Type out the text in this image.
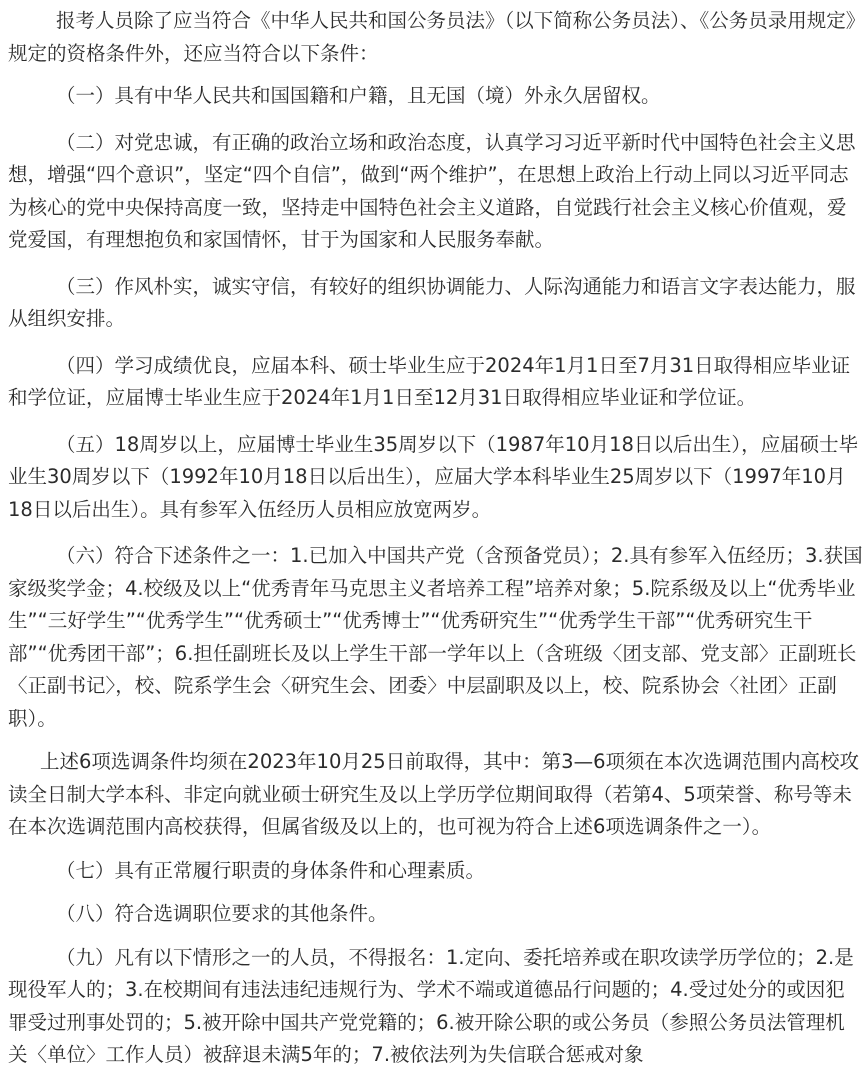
报考人员除了应当符合《中华人民共和国公务员法》（以下简称公务员法）、《公务员录用规定》规定的资格条件外，还应当符合以下条件：

（一）具有中华人民共和国国籍和户籍，且无国（境）外永久居留权。

（二）对党忠诚，有正确的政治立场和政治态度，认真学习习近平新时代中国特色社会主义思想，增强“四个意识”，坚定“四个自信”，做到“两个维护”，在思想上政治上行动上同以习近平同志为核心的党中央保持高度一致，坚持走中国特色社会主义道路，自觉践行社会主义核心价值观，爱党爱国，有理想抱负和家国情怀，甘于为国家和人民服务奉献。

（三）作风朴实，诚实守信，有较好的组织协调能力、人际沟通能力和语言文字表达能力，服从组织安排。

（四）学习成绩优良，应届本科、硕士毕业生应于2024年1月1日至7月31日取得相应毕业证和学位证，应届博士毕业生应于2024年1月1日至12月31日取得相应毕业证和学位证。

（五）18周岁以上，应届博士毕业生35周岁以下（1987年10月18日以后出生），应届硕士毕业生30周岁以下（1992年10月18日以后出生），应届大学本科毕业生25周岁以下（1997年10月18日以后出生）。具有参军入伍经历人员相应放宽两岁。

（六）符合下述条件之一：1.已加入中国共产党（含预备党员）；2.具有参军入伍经历；3.获国家级奖学金；4.校级及以上“优秀青年马克思主义者培养工程”培养对象；5.院系级及以上“优秀毕业生”“三好学生”“优秀学生”“优秀硕士”“优秀博士”“优秀研究生”“优秀学生干部”“优秀研究生干部”“优秀团干部”；6.担任副班长及以上学生干部一学年以上（含班级〈团支部、党支部〉正副班长〈正副书记〉，校、院系学生会〈研究生会、团委〉中层副职及以上，校、院系协会〈社团〉正副职）。

上述6项选调条件均须在2023年10月25日前取得，其中：第3—6项须在本次选调范围内高校攻读全日制大学本科、非定向就业硕士研究生及以上学历学位期间取得（若第4、5项荣誉、称号等未在本次选调范围内高校获得，但属省级及以上的，也可视为符合上述6项选调条件之一）。

（七）具有正常履行职责的身体条件和心理素质。

（八）符合选调职位要求的其他条件。

（九）凡有以下情形之一的人员，不得报名：1.定向、委托培养或在职攻读学历学位的；2.是现役军人的；3.在校期间有违法违纪违规行为、学术不端或道德品行问题的；4.受过处分的或因犯罪受过刑事处罚的；5.被开除中国共产党党籍的；6.被开除公职的或公务员（参照公务员法管理机关〈单位〉工作人员）被辞退未满5年的；7.被依法列为失信联合惩戒对象
